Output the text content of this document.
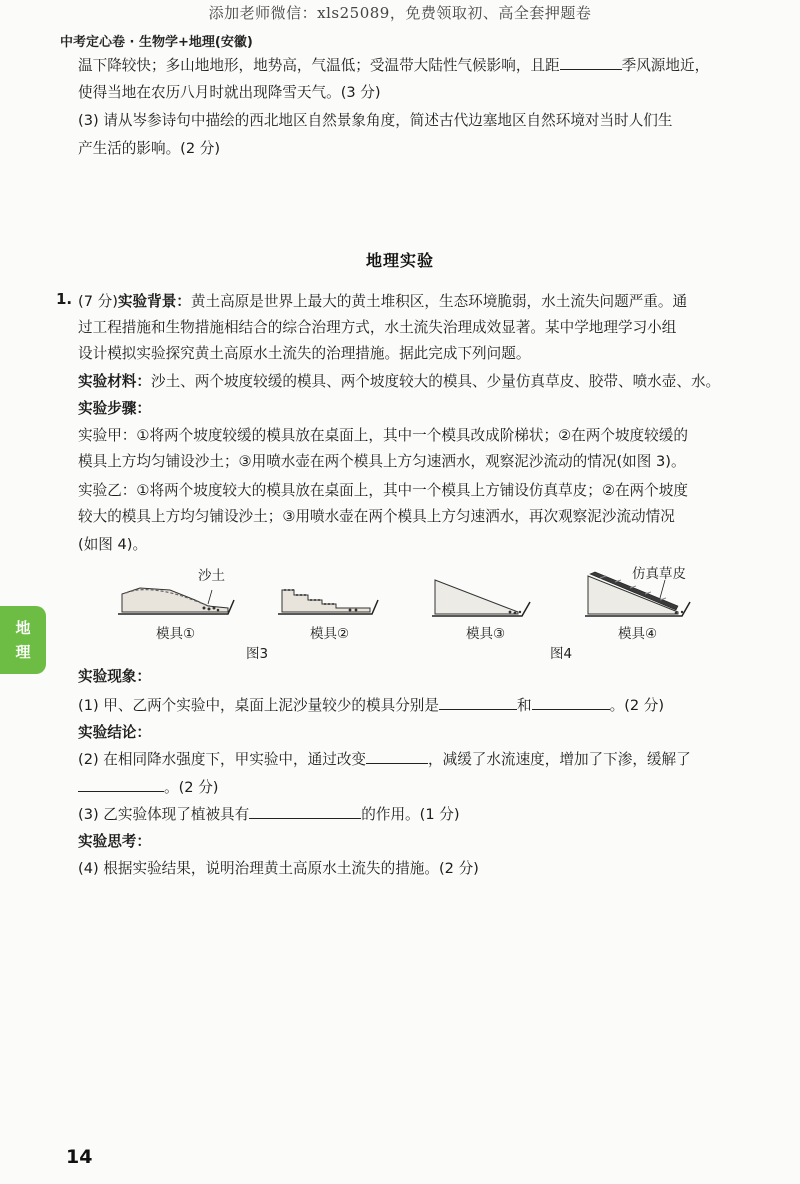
添加老师微信：xls25089，免费领取初、高全套押题卷
中考定心卷 · 生物学+地理(安徽)
温下降较快；多山地地形，地势高，气温低；受温带大陆性气候影响，且距	季风源地近，
使得当地在农历八月时就出现降雪天气。(3 分)
(3) 请从岑参诗句中描绘的西北地区自然景象角度，简述古代边塞地区自然环境对当时人们生
产生活的影响。(2 分)
地理实验
1. (7 分)实验背景：黄土高原是世界上最大的黄土堆积区，生态环境脆弱，水土流失问题严重。通
过工程措施和生物措施相结合的综合治理方式，水土流失治理成效显著。某中学地理学习小组
设计模拟实验探究黄土高原水土流失的治理措施。据此完成下列问题。
实验材料：沙土、两个坡度较缓的模具、两个坡度较大的模具、少量仿真草皮、胶带、喷水壶、水。
实验步骤：
实验甲：①将两个坡度较缓的模具放在桌面上，其中一个模具改成阶梯状；②在两个坡度较缓的
模具上方均匀铺设沙土；③用喷水壶在两个模具上方匀速洒水，观察泥沙流动的情况(如图 3)。
实验乙：①将两个坡度较大的模具放在桌面上，其中一个模具上方铺设仿真草皮；②在两个坡度
较大的模具上方均匀铺设沙土；③用喷水壶在两个模具上方匀速洒水，再次观察泥沙流动情况
(如图 4)。
沙土	仿真草皮
模具①	模具②	模具③	模具④
图3	图4
地
理
实验现象：
(1) 甲、乙两个实验中，桌面上泥沙量较少的模具分别是	和	。(2 分)
实验结论：
(2) 在相同降水强度下，甲实验中，通过改变	，减缓了水流速度，增加了下渗，缓解了
。(2 分)
(3) 乙实验体现了植被具有	的作用。(1 分)
实验思考：
(4) 根据实验结果，说明治理黄土高原水土流失的措施。(2 分)
14
